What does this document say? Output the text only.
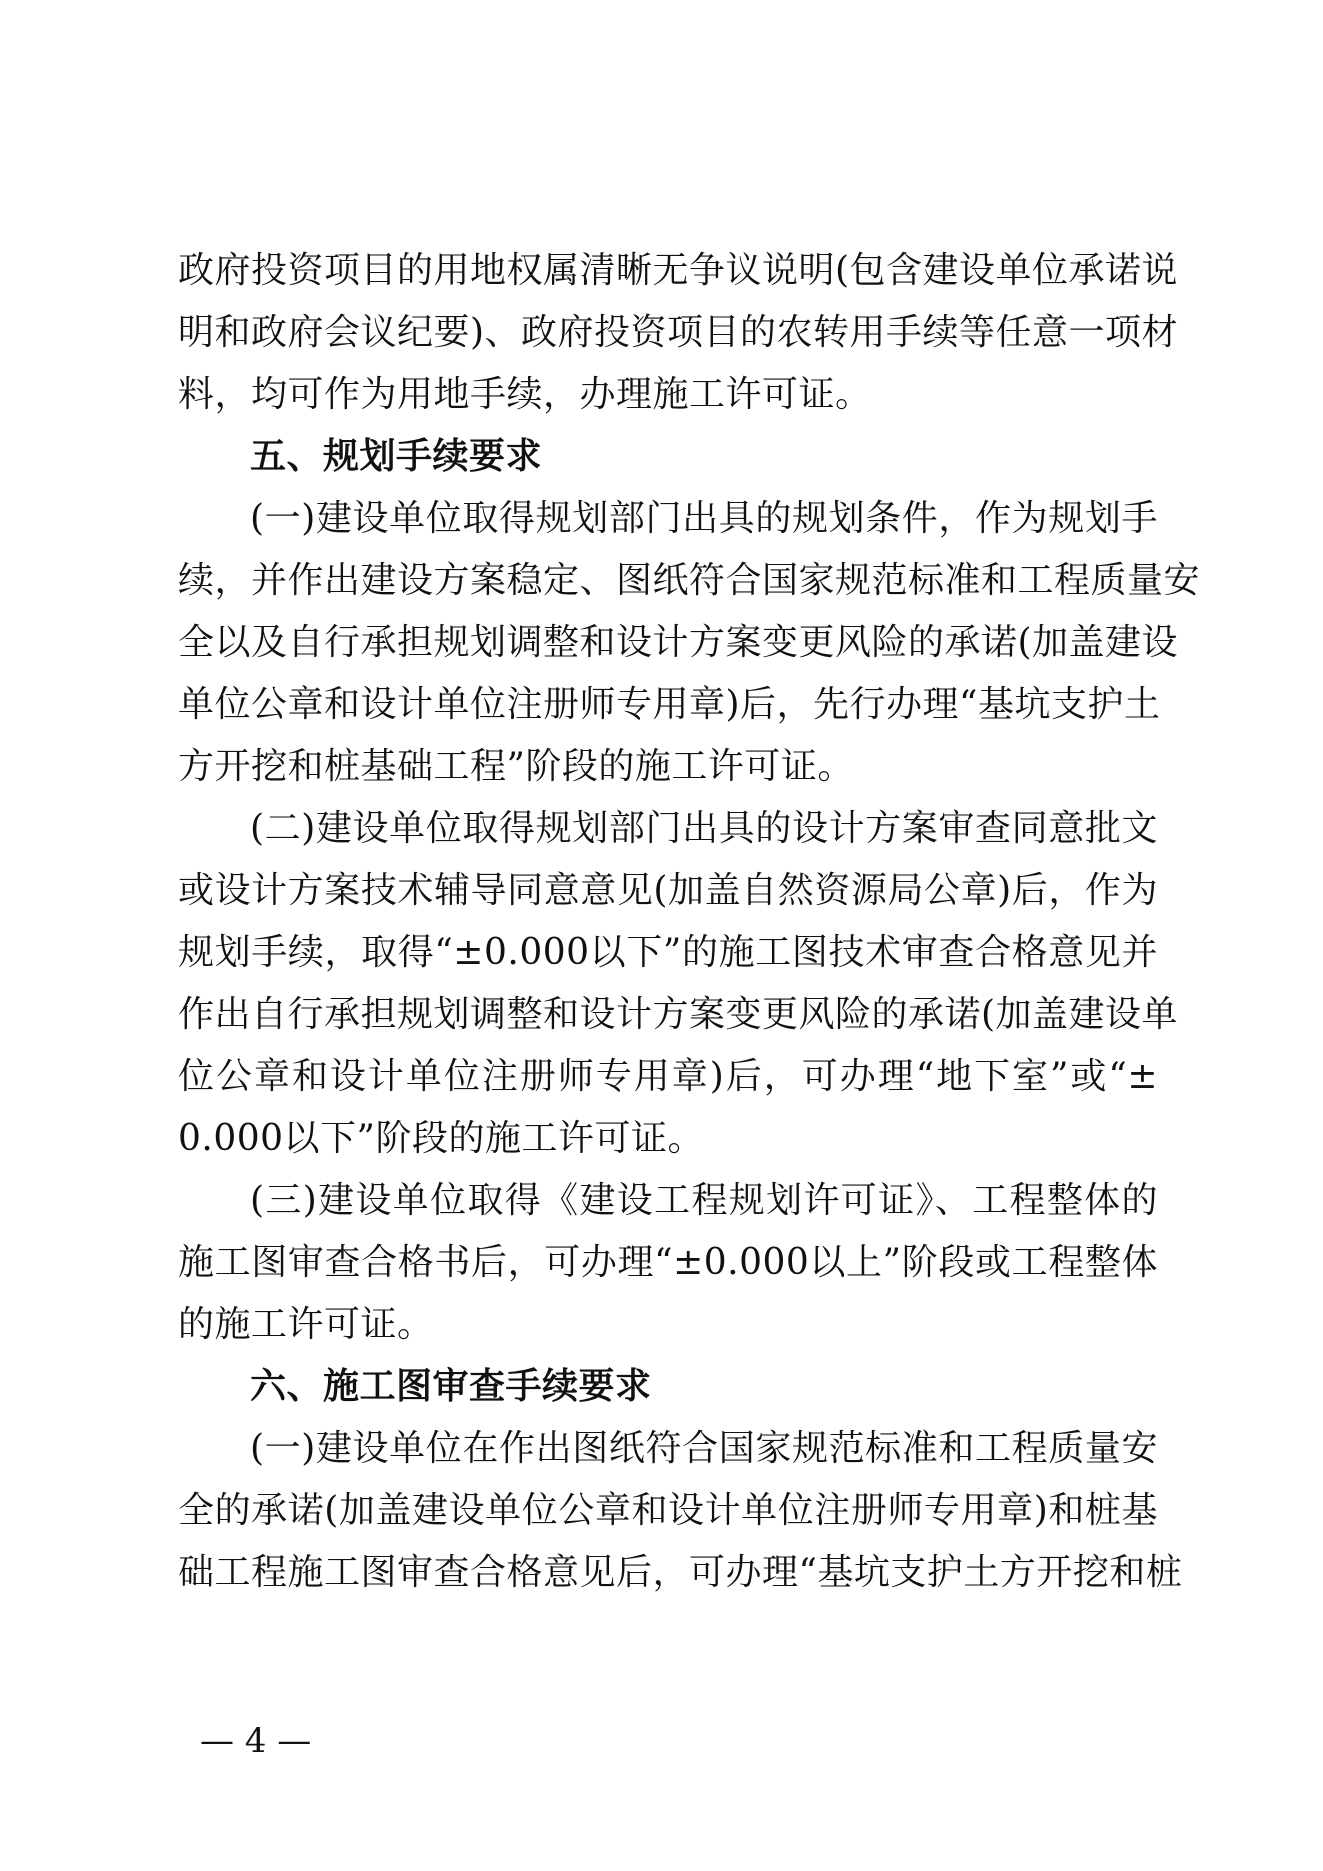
政府投资项目的用地权属清晰无争议说明(包含建设单位承诺说
明和政府会议纪要)、政府投资项目的农转用手续等任意一项材
料，均可作为用地手续，办理施工许可证。
五、规划手续要求
(一)建设单位取得规划部门出具的规划条件，作为规划手
续，并作出建设方案稳定、图纸符合国家规范标准和工程质量安
全以及自行承担规划调整和设计方案变更风险的承诺(加盖建设
单位公章和设计单位注册师专用章)后，先行办理“基坑支护土
方开挖和桩基础工程”阶段的施工许可证。
(二)建设单位取得规划部门出具的设计方案审查同意批文
或设计方案技术辅导同意意见(加盖自然资源局公章)后，作为
规划手续，取得“±0.000以下”的施工图技术审查合格意见并
作出自行承担规划调整和设计方案变更风险的承诺(加盖建设单
位公章和设计单位注册师专用章)后，可办理“地下室”或“±
0.000以下”阶段的施工许可证。
(三)建设单位取得《建设工程规划许可证》、工程整体的
施工图审查合格书后，可办理“±0.000以上”阶段或工程整体
的施工许可证。
六、施工图审查手续要求
(一)建设单位在作出图纸符合国家规范标准和工程质量安
全的承诺(加盖建设单位公章和设计单位注册师专用章)和桩基
础工程施工图审查合格意见后，可办理“基坑支护土方开挖和桩
— 4 —
